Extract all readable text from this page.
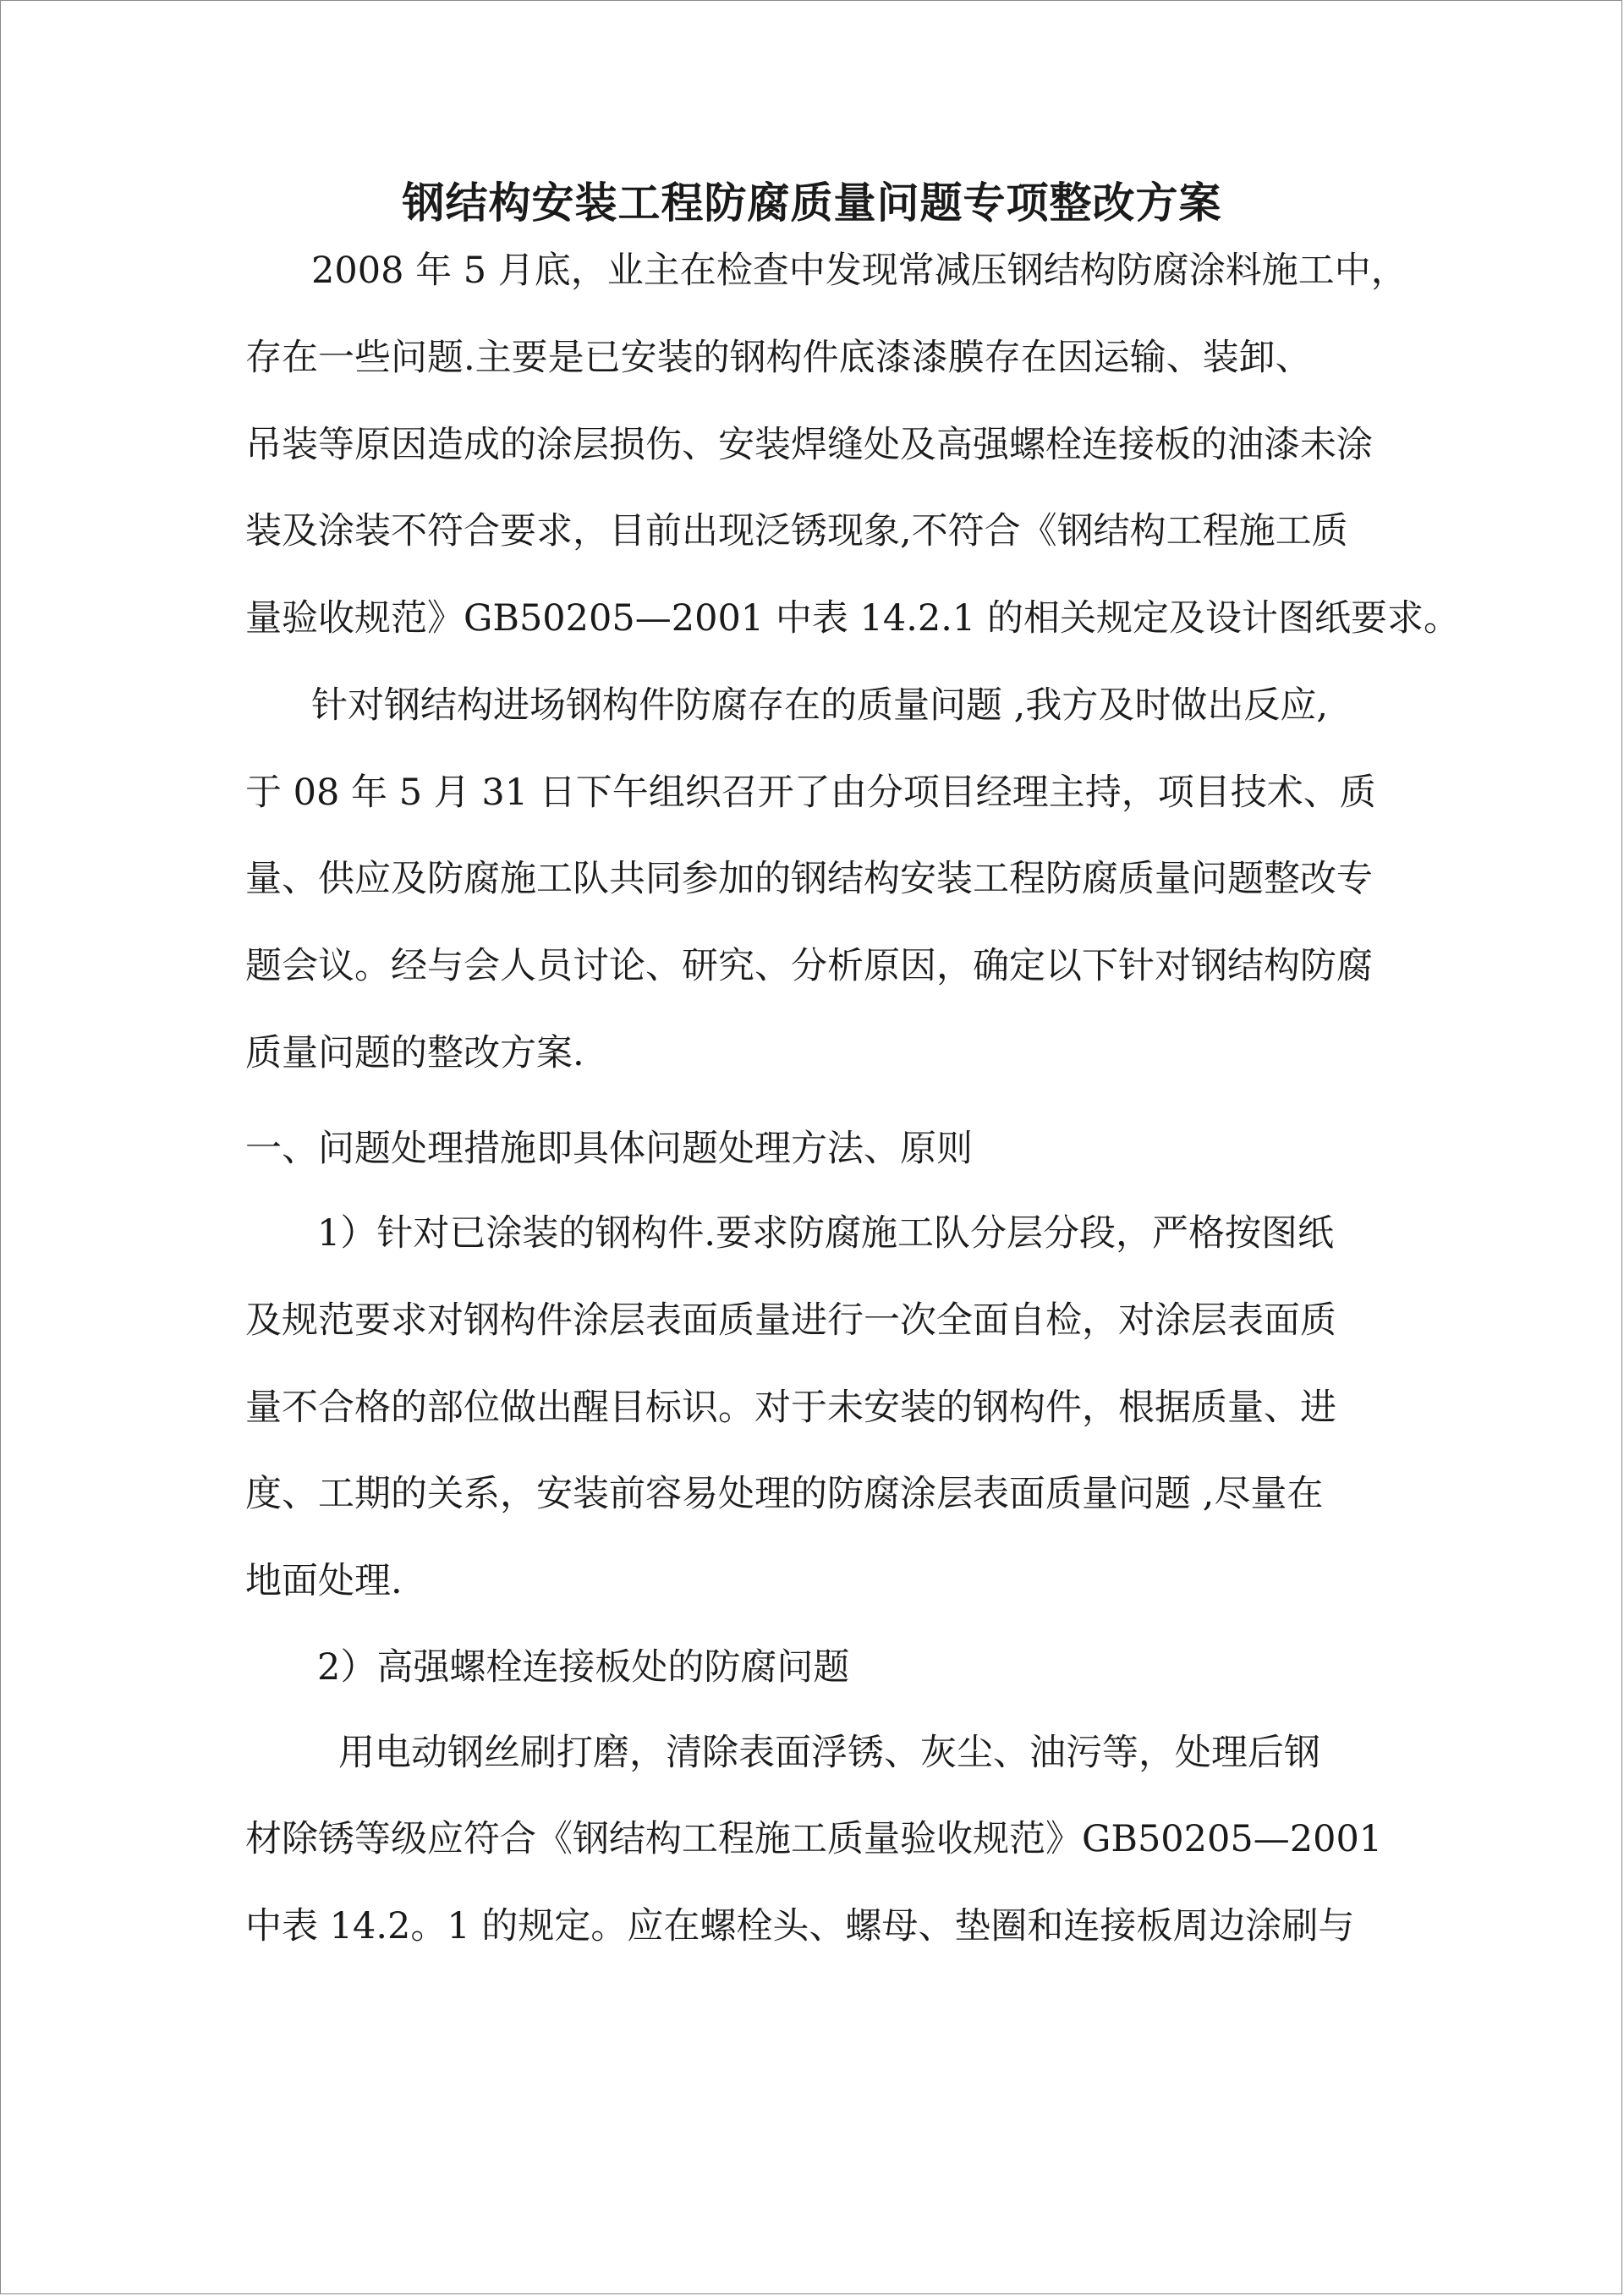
钢结构安装工程防腐质量问题专项整改方案

2008 年 5 月底，业主在检查中发现常减压钢结构防腐涂料施工中，

存在一些问题.主要是已安装的钢构件底漆漆膜存在因运输、装卸、

吊装等原因造成的涂层损伤、安装焊缝处及高强螺栓连接板的油漆未涂

装及涂装不符合要求，目前出现泛锈现象,不符合《钢结构工程施工质

量验收规范》GB50205—2001 中表 14.2.1 的相关规定及设计图纸要求。

针对钢结构进场钢构件防腐存在的质量问题 ,我方及时做出反应,

于 08 年 5 月 31 日下午组织召开了由分项目经理主持，项目技术、质

量、供应及防腐施工队共同参加的钢结构安装工程防腐质量问题整改专

题会议。经与会人员讨论、研究、分析原因，确定以下针对钢结构防腐

质量问题的整改方案.

一、问题处理措施即具体问题处理方法、原则

1）针对已涂装的钢构件.要求防腐施工队分层分段，严格按图纸

及规范要求对钢构件涂层表面质量进行一次全面自检，对涂层表面质

量不合格的部位做出醒目标识。对于未安装的钢构件，根据质量、进

度、工期的关系，安装前容易处理的防腐涂层表面质量问题 ,尽量在

地面处理.

2）高强螺栓连接板处的防腐问题

用电动钢丝刷打磨，清除表面浮锈、灰尘、油污等，处理后钢

材除锈等级应符合《钢结构工程施工质量验收规范》GB50205—2001

中表 14.2。1 的规定。应在螺栓头、螺母、垫圈和连接板周边涂刷与
